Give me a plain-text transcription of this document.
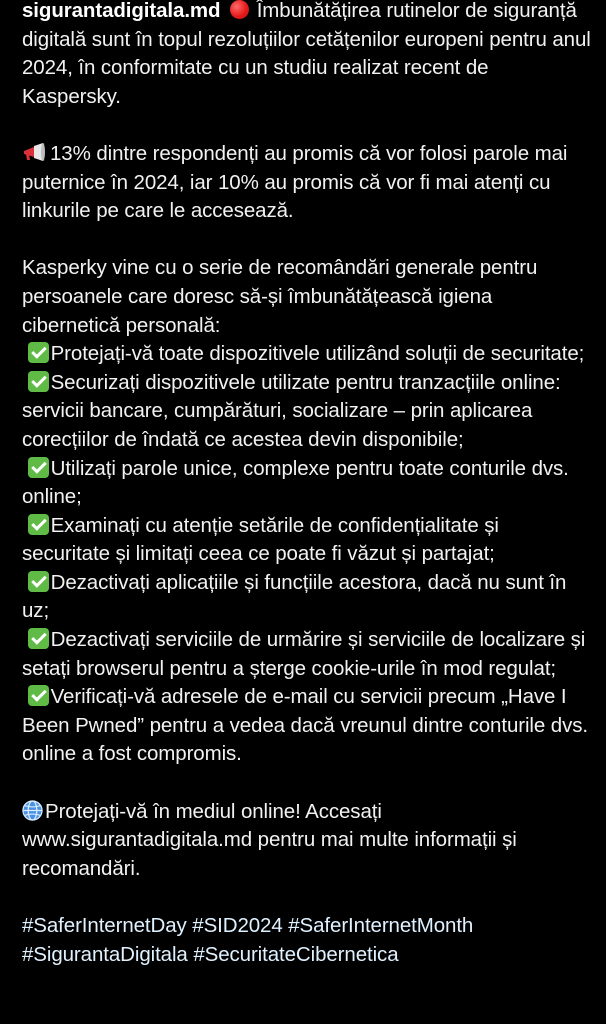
sigurantadigitala.md Îmbunătățirea rutinelor de siguranță digitală sunt în topul rezoluțiilor cetățenilor europeni pentru anul 2024, în conformitate cu un studiu realizat recent de Kaspersky.

13% dintre respondenți au promis că vor folosi parole mai puternice în 2024, iar 10% au promis că vor fi mai atenți cu linkurile pe care le accesează.

Kasperky vine cu o serie de recomândări generale pentru persoanele care doresc să-și îmbunătățească igiena cibernetică personală:

Protejați-vă toate dispozitivele utilizând soluții de securitate;

Securizați dispozitivele utilizate pentru tranzacțiile online: servicii bancare, cumpărături, socializare – prin aplicarea corecțiilor de îndată ce acestea devin disponibile;

Utilizați parole unice, complexe pentru toate conturile dvs. online;

Examinați cu atenție setările de confidențialitate și securitate și limitați ceea ce poate fi văzut și partajat;

Dezactivați aplicațiile și funcțiile acestora, dacă nu sunt în uz;

Dezactivați serviciile de urmărire și serviciile de localizare și setați browserul pentru a șterge cookie-urile în mod regulat;

Verificați-vă adresele de e-mail cu servicii precum „Have I Been Pwned” pentru a vedea dacă vreunul dintre conturile dvs. online a fost compromis.

Protejați-vă în mediul online! Accesați www.sigurantadigitala.md pentru mai multe informații și recomandări.

#SaferInternetDay #SID2024 #SaferInternetMonth

#SigurantaDigitala #SecuritateCibernetica
